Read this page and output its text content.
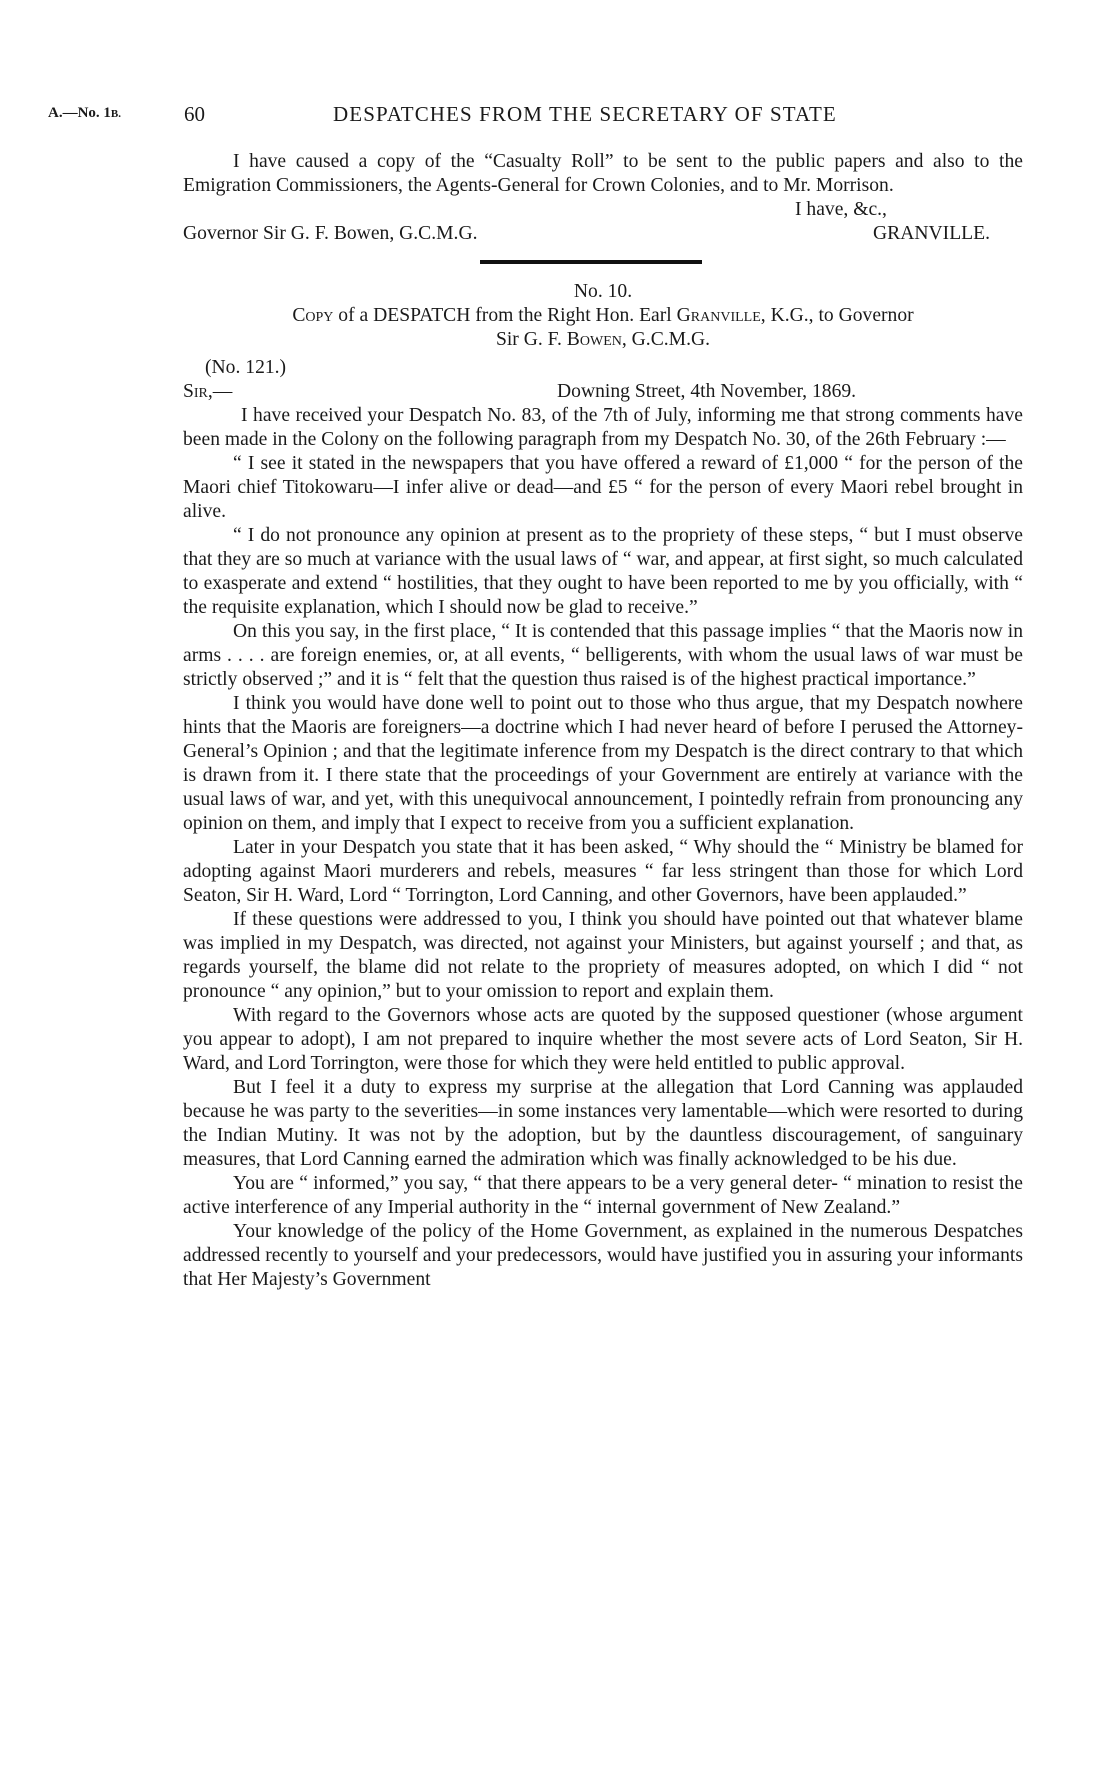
A.—No. 1B.	60	DESPATCHES FROM THE SECRETARY OF STATE

I have caused a copy of the “Casualty Roll” to be sent to the public papers and also to the Emigration Commissioners, the Agents-General for Crown Colonies, and to Mr. Morrison.

I have, &c.,
Governor Sir G. F. Bowen, G.C.M.G.	GRANVILLE.

No. 10.

Copy of a DESPATCH from the Right Hon. Earl Granville, K.G., to Governor

Sir G. F. Bowen, G.C.M.G.

(No. 121.)

Sir,—	Downing Street, 4th November, 1869.

I have received your Despatch No. 83, of the 7th of July, informing me that strong comments have been made in the Colony on the following paragraph from my Despatch No. 30, of the 26th February :—

“ I see it stated in the newspapers that you have offered a reward of £1,000 “ for the person of the Maori chief Titokowaru—I infer alive or dead—and £5 “ for the person of every Maori rebel brought in alive.

“ I do not pronounce any opinion at present as to the propriety of these steps, “ but I must observe that they are so much at variance with the usual laws of “ war, and appear, at first sight, so much calculated to exasperate and extend “ hostilities, that they ought to have been reported to me by you officially, with “ the requisite explanation, which I should now be glad to receive.”

On this you say, in the first place, “ It is contended that this passage implies “ that the Maoris now in arms . . . . are foreign enemies, or, at all events, “ belligerents, with whom the usual laws of war must be strictly observed ;” and it is “ felt that the question thus raised is of the highest practical importance.”

I think you would have done well to point out to those who thus argue, that my Despatch nowhere hints that the Maoris are foreigners—a doctrine which I had never heard of before I perused the Attorney-General’s Opinion ; and that the legitimate inference from my Despatch is the direct contrary to that which is drawn from it. I there state that the proceedings of your Government are entirely at variance with the usual laws of war, and yet, with this unequivocal announcement, I pointedly refrain from pronouncing any opinion on them, and imply that I expect to receive from you a sufficient explanation.

Later in your Despatch you state that it has been asked, “ Why should the “ Ministry be blamed for adopting against Maori murderers and rebels, measures “ far less stringent than those for which Lord Seaton, Sir H. Ward, Lord “ Torrington, Lord Canning, and other Governors, have been applauded.”

If these questions were addressed to you, I think you should have pointed out that whatever blame was implied in my Despatch, was directed, not against your Ministers, but against yourself ; and that, as regards yourself, the blame did not relate to the propriety of measures adopted, on which I did “ not pronounce “ any opinion,” but to your omission to report and explain them.

With regard to the Governors whose acts are quoted by the supposed questioner (whose argument you appear to adopt), I am not prepared to inquire whether the most severe acts of Lord Seaton, Sir H. Ward, and Lord Torrington, were those for which they were held entitled to public approval.

But I feel it a duty to express my surprise at the allegation that Lord Canning was applauded because he was party to the severities—in some instances very lamentable—which were resorted to during the Indian Mutiny. It was not by the adoption, but by the dauntless discouragement, of sanguinary measures, that Lord Canning earned the admiration which was finally acknowledged to be his due.

You are “ informed,” you say, “ that there appears to be a very general deter- “ mination to resist the active interference of any Imperial authority in the “ internal government of New Zealand.”

Your knowledge of the policy of the Home Government, as explained in the numerous Despatches addressed recently to yourself and your predecessors, would have justified you in assuring your informants that Her Majesty’s Government
